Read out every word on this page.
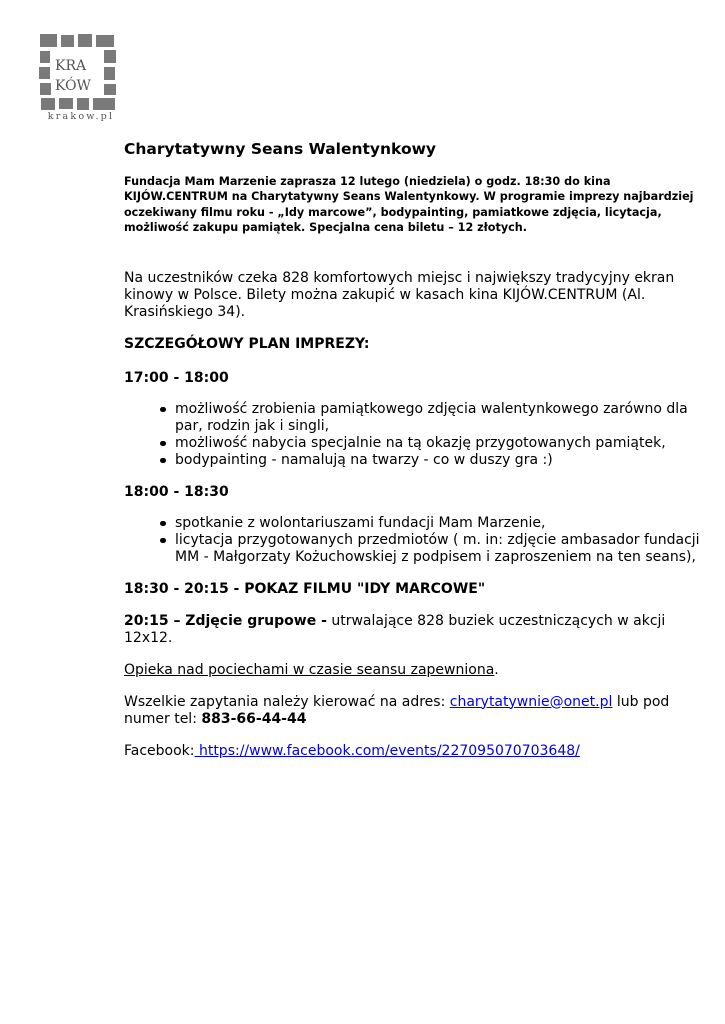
KRA
KÓW
krakow.pl
Charytatywny Seans Walentynkowy
Fundacja Mam Marzenie zaprasza 12 lutego (niedziela) o godz. 18:30 do kina KIJÓW.CENTRUM na Charytatywny Seans Walentynkowy. W programie imprezy najbardziej oczekiwany filmu roku - „Idy marcowe”, bodypainting, pamiatkowe zdjęcia, licytacja, możliwość zakupu pamiątek. Specjalna cena biletu – 12 złotych.

Na uczestników czeka 828 komfortowych miejsc i największy tradycyjny ekran kinowy w Polsce. Bilety można zakupić w kasach kina KIJÓW.CENTRUM (Al. Krasińskiego 34).

SZCZEGÓŁOWY PLAN IMPREZY:

17:00 - 18:00

możliwość zrobienia pamiątkowego zdjęcia walentynkowego zarówno dla par, rodzin jak i singli,
możliwość nabycia specjalnie na tą okazję przygotowanych pamiątek,
bodypainting - namalują na twarzy - co w duszy gra :)

18:00 - 18:30

spotkanie z wolontariuszami fundacji Mam Marzenie,
licytacja przygotowanych przedmiotów ( m. in: zdjęcie ambasador fundacji MM - Małgorzaty Kożuchowskiej z podpisem i zaproszeniem na ten seans),

18:30 - 20:15 - POKAZ FILMU "IDY MARCOWE"

20:15 – Zdjęcie grupowe - utrwalające 828 buziek uczestniczących w akcji 12x12.

Opieka nad pociechami w czasie seansu zapewniona.

Wszelkie zapytania należy kierować na adres: charytatywnie@onet.pl lub pod numer tel: 883-66-44-44

Facebook: https://www.facebook.com/events/227095070703648/
